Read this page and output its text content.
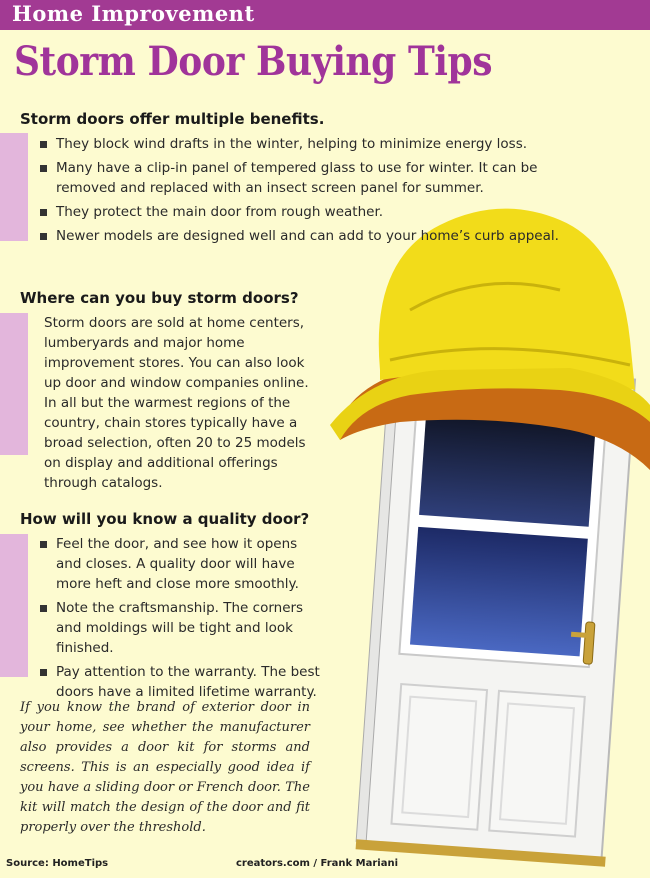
Home Improvement
Storm Door Buying Tips
Storm doors offer multiple benefits.
They block wind drafts in the winter, helping to minimize energy loss.
Many have a clip-in panel of tempered glass to use for winter. It can be removed and replaced with an insect screen panel for summer.
They protect the main door from rough weather.
Newer models are designed well and can add to your home’s curb appeal.
Where can you buy storm doors?
Storm doors are sold at home centers, lumberyards and major home improvement stores. You can also look up door and window companies online. In all but the warmest regions of the country, chain stores typically have a broad selection, often 20 to 25 models on display and additional offerings through catalogs.
How will you know a quality door?
Feel the door, and see how it opens and closes. A quality door will have more heft and close more smoothly.
Note the craftsmanship. The corners and moldings will be tight and look finished.
Pay attention to the warranty. The best doors have a limited lifetime warranty.
If you know the brand of exterior door in your home, see whether the manufacturer also provides a door kit for storms and screens. This is an especially good idea if you have a sliding door or French door. The kit will match the design of the door and fit properly over the threshold.
Source: HomeTips	creators.com / Frank Mariani
